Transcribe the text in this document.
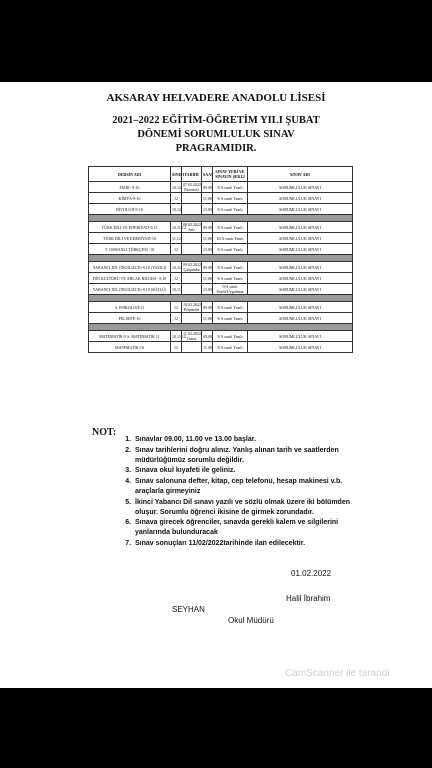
AKSARAY HELVADERE ANADOLU LİSESİ
2021–2022 EĞİTİM-ÖĞRETİM YILI ŞUBAT
DÖNEMİ SORUMLULUK SINAV
PRAGRAMIDIR.
DERSİN ADI	SINIFI	TARİHİ	SAAT	SINAV YERİ VE SINAVIN ŞEKLİ	SINAV ADI
FİZİK- 9-10	10,12	07.02.2022 Pazartesi	09.00	9/A sınıfı Yazılı	SORUMLULUK SINAVI
KİMYA-9-10	12		11.00	9/A sınıfı Yazılı	SORUMLULUK SINAVI
BİYOLOJİ-9-10	10,12		13.00	9/A sınıfı Yazılı	SORUMLULUK SINAVI

TÜRK DİLİ VE EDEBİYATI-9.11	10,11,12	08.02.2022 Salı	09.00	9/A sınıfı Yazılı	SORUMLULUK SINAVI
TÜRK DİLİ VE EDEBİYATI-10	11,12		11.00	10/A sınıfı Yazılı	SORUMLULUK SINAVI
T. OSMANLI TÜRKÇESİ -10	12		13.00	9/A sınıfı Yazılı	SORUMLULUK SINAVI

YABANCI DİL (İNGİLİZCE)-9,10 (YAZILI)	10,11	09.02.2022 Çarşamba	09.00	9/A sınıfı Yazılı	SORUMLULUK SINAVI
DİN KÜLTÜRÜ VE AHLAK BİLGİSİ - 9,10	12		11.00	9/A sınıfı Yazılı	SORUMLULUK SINAVI
YABANCI DİL (İNGİLİZCE)-9,10 (SÖZLÜ)	10,11		13.00	9/A sınıfı Sözlü/Uygulama	SORUMLULUK SINAVI

S. PSİKOLOJİ-11	12	10.02.2022 Perşembe	09.00	9/A sınıfı Yazılı	SORUMLULUK SINAVI
FELSEFE-10	12		11.00	9/A sınıfı Yazılı	SORUMLULUK SINAVI

MATEMATİK-9 S. MATEMATİK 11	10,11,12	11.02.2022 Cuma	09.00	9/A sınıfı Yazılı	SORUMLULUK SINAVI
MATEMATİK-10	12		11.00	9/A sınıfı Yazılı	SORUMLULUK SINAVI
NOT:
1. Sınavlar 09.00, 11.00 ve 13.00 başlar.
2. Sınav tarihlerini doğru alınız. Yanlış alınan tarih ve saatlerden müdürlüğümüz sorumlu değildir.
3. Sınava okul kıyafeti ile geliniz.
4. Sınav salonuna defter, kitap, cep telefonu, hesap makinesi v.b. araçlarla girmeyiniz
5. İkinci Yabancı Dil sınavı yazılı ve sözlü olmak üzere iki bölümden oluşur. Sorumlu öğrenci ikisine de girmek zorundadır.
6. Sınava girecek öğrenciler, sınavda gerekli kalem ve silgilerini yanlarında bulunduracak
7. Sınav sonuçları 11/02/2022tarihinde ilan edilecektir.
01.02.2022
Halil İbrahim
SEYHAN
Okul Müdürü
CamScanner ile tarandı
